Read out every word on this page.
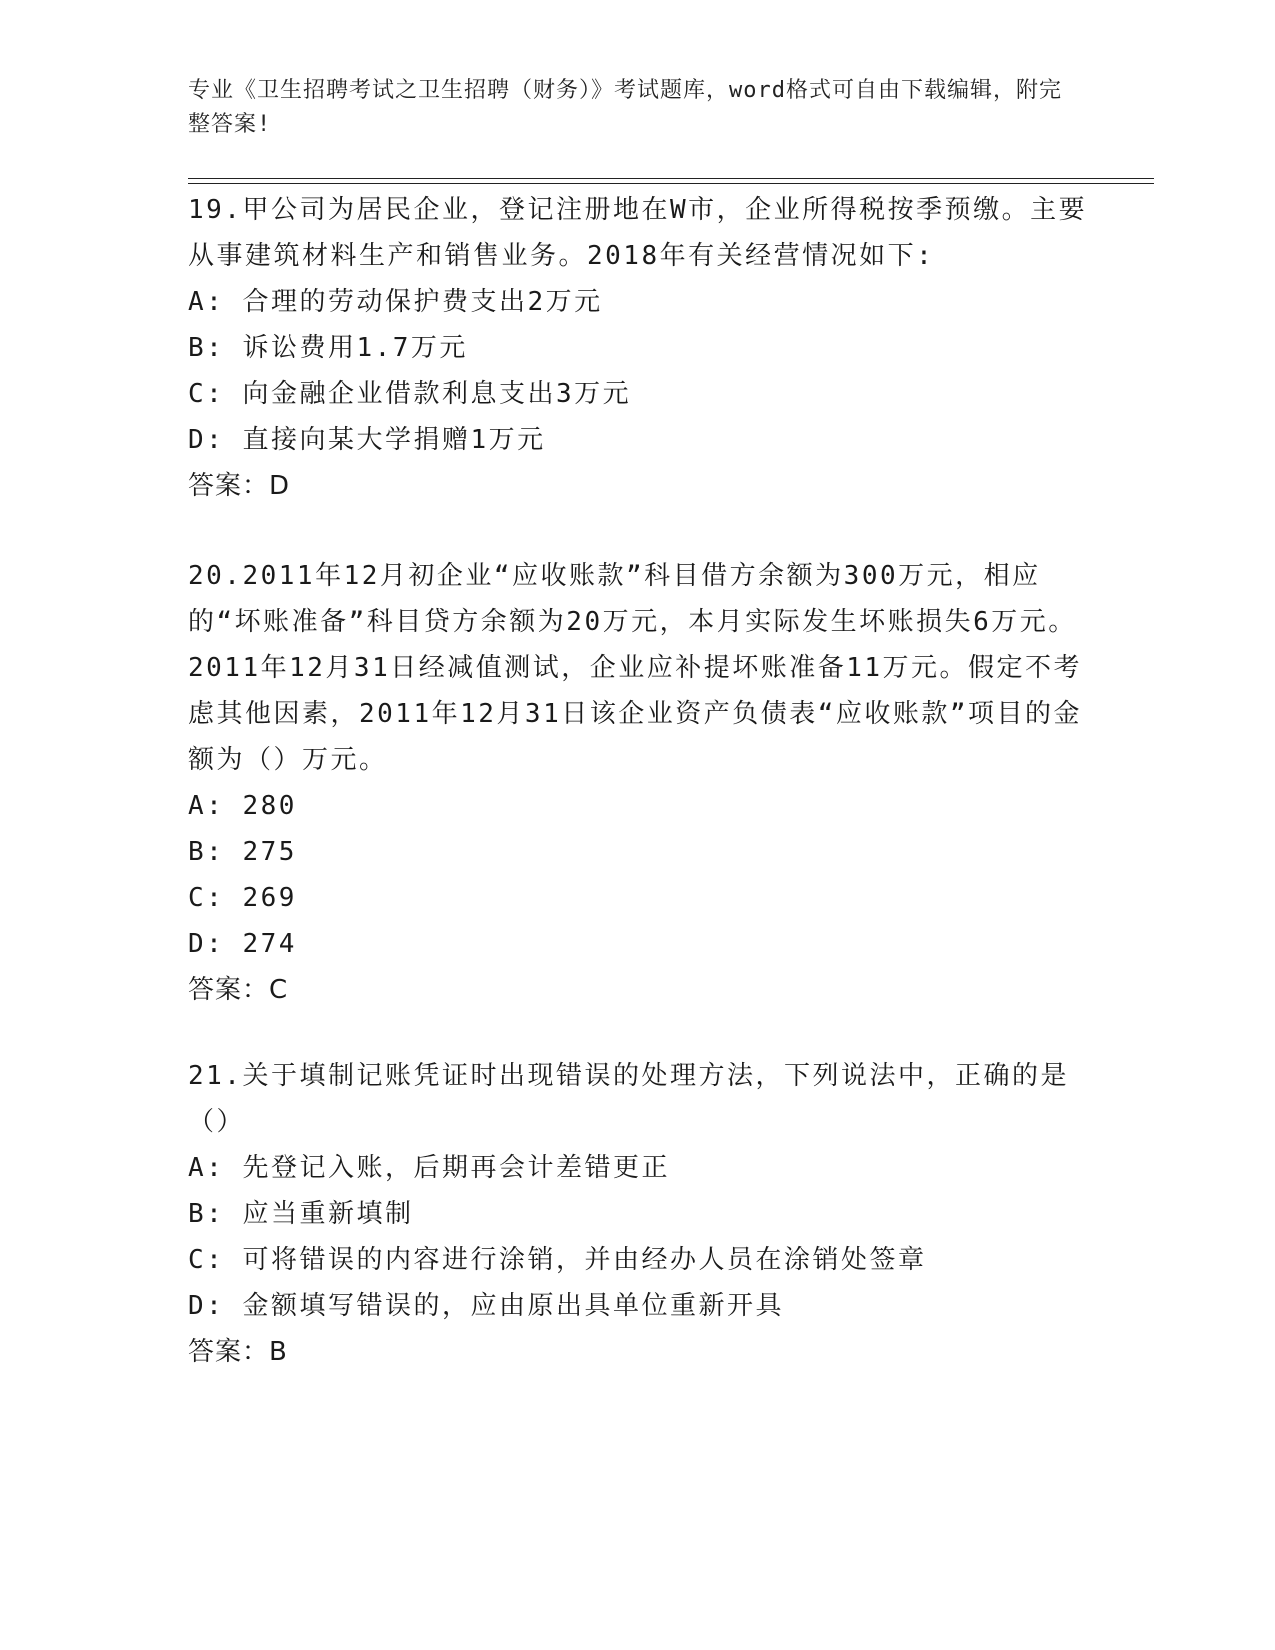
专业《卫生招聘考试之卫生招聘（财务）》考试题库，word格式可自由下载编辑，附完整答案!

19.甲公司为居民企业，登记注册地在W市，企业所得税按季预缴。主要从事建筑材料生产和销售业务。2018年有关经营情况如下:

A: 合理的劳动保护费支出2万元
B: 诉讼费用1.7万元
C: 向金融企业借款利息支出3万元
D: 直接向某大学捐赠1万元
答案：D

20.2011年12月初企业“应收账款”科目借方余额为300万元，相应的“坏账准备”科目贷方余额为20万元，本月实际发生坏账损失6万元。2011年12月31日经减值测试，企业应补提坏账准备11万元。假定不考虑其他因素，2011年12月31日该企业资产负债表“应收账款”项目的金额为（）万元。

A: 280
B: 275
C: 269
D: 274
答案：C

21.关于填制记账凭证时出现错误的处理方法，下列说法中，正确的是（）

A: 先登记入账，后期再会计差错更正
B: 应当重新填制
C: 可将错误的内容进行涂销，并由经办人员在涂销处签章
D: 金额填写错误的，应由原出具单位重新开具
答案：B
